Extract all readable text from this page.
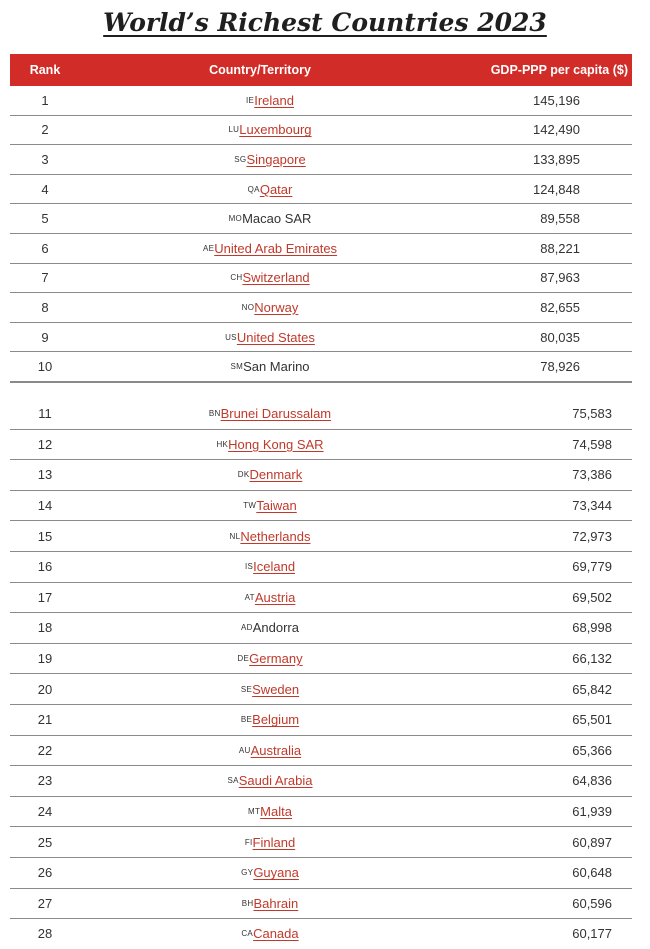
World’s Richest Countries 2023
Rank	Country/Territory	GDP-PPP per capita ($)
1	IE Ireland	145,196
2	LU Luxembourg	142,490
3	SG Singapore	133,895
4	QA Qatar	124,848
5	MO Macao SAR	89,558
6	AE United Arab Emirates	88,221
7	CH Switzerland	87,963
8	NO Norway	82,655
9	US United States	80,035
10	SM San Marino	78,926
11	BN Brunei Darussalam	75,583
12	HK Hong Kong SAR	74,598
13	DK Denmark	73,386
14	TW Taiwan	73,344
15	NL Netherlands	72,973
16	IS Iceland	69,779
17	AT Austria	69,502
18	AD Andorra	68,998
19	DE Germany	66,132
20	SE Sweden	65,842
21	BE Belgium	65,501
22	AU Australia	65,366
23	SA Saudi Arabia	64,836
24	MT Malta	61,939
25	FI Finland	60,897
26	GY Guyana	60,648
27	BH Bahrain	60,596
28	CA Canada	60,177
